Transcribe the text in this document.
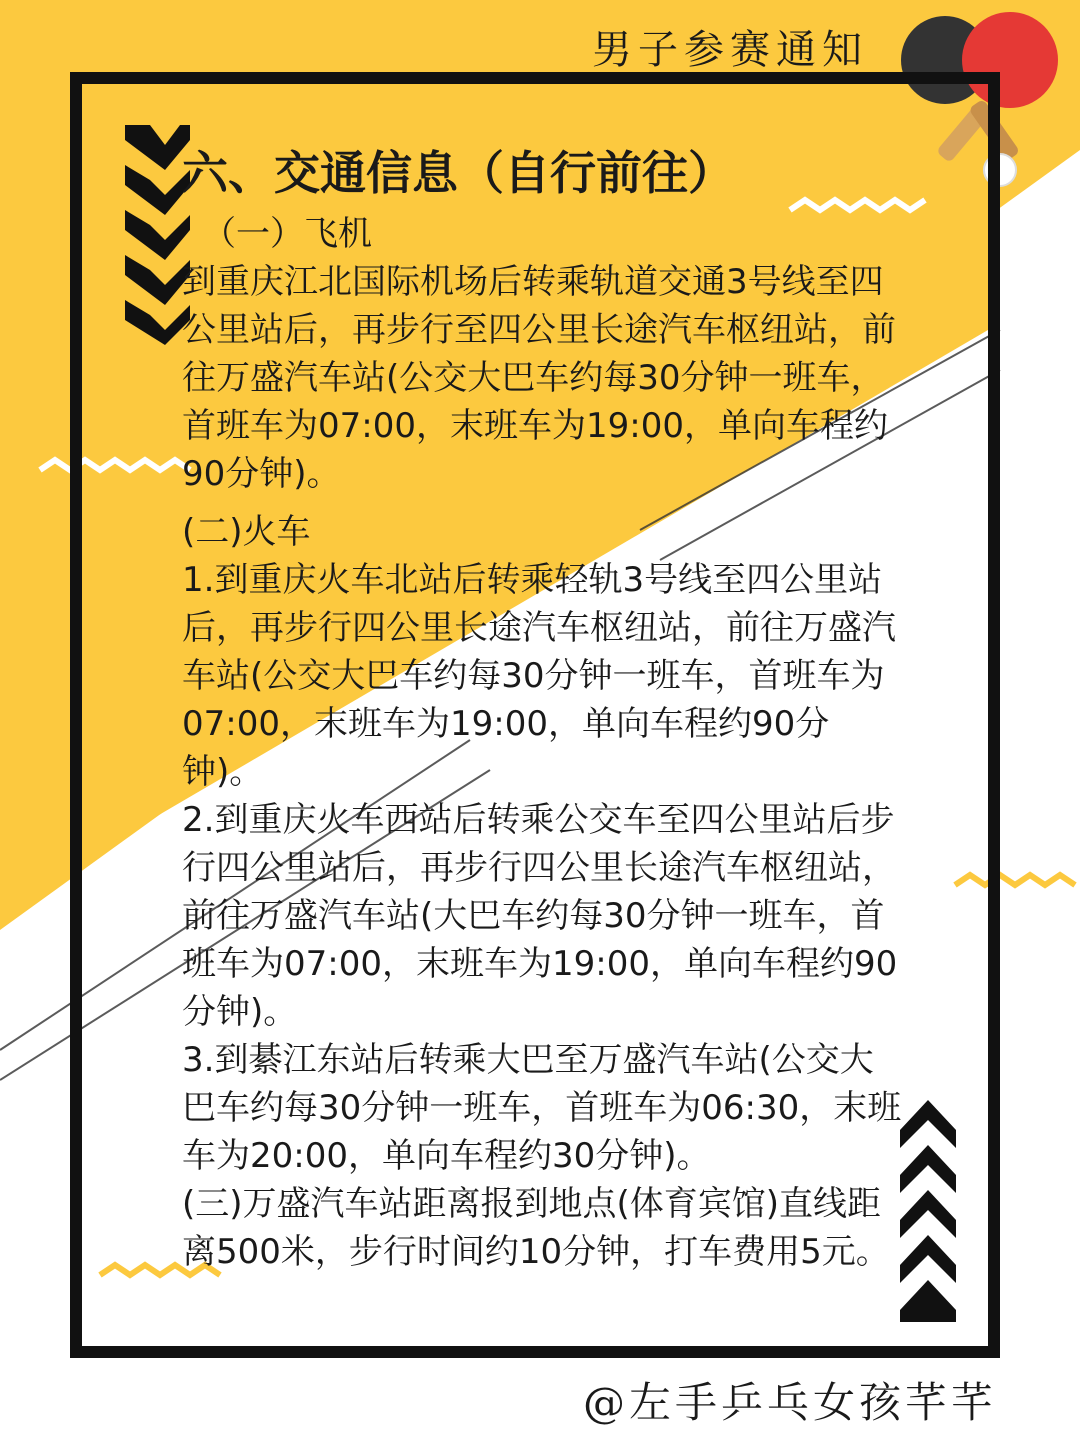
男子参赛通知
六、交通信息（自行前往）
（一）飞机

到重庆江北国际机场后转乘轨道交通3号线至四公里站后，再步行至四公里长途汽车枢纽站，前往万盛汽车站(公交大巴车约每30分钟一班车，首班车为07:00，末班车为19:00，单向车程约90分钟)。

(二)火车

1.到重庆火车北站后转乘轻轨3号线至四公里站后，再步行四公里长途汽车枢纽站，前往万盛汽车站(公交大巴车约每30分钟一班车，首班车为07:00，末班车为19:00，单向车程约90分钟)。

2.到重庆火车西站后转乘公交车至四公里站后步行四公里站后，再步行四公里长途汽车枢纽站，前往万盛汽车站(大巴车约每30分钟一班车，首班车为07:00，末班车为19:00，单向车程约90分钟)。

3.到綦江东站后转乘大巴至万盛汽车站(公交大巴车约每30分钟一班车，首班车为06:30，末班车为20:00，单向车程约30分钟)。

(三)万盛汽车站距离报到地点(体育宾馆)直线距离500米，步行时间约10分钟，打车费用5元。

@左手乒乓女孩芊芊
